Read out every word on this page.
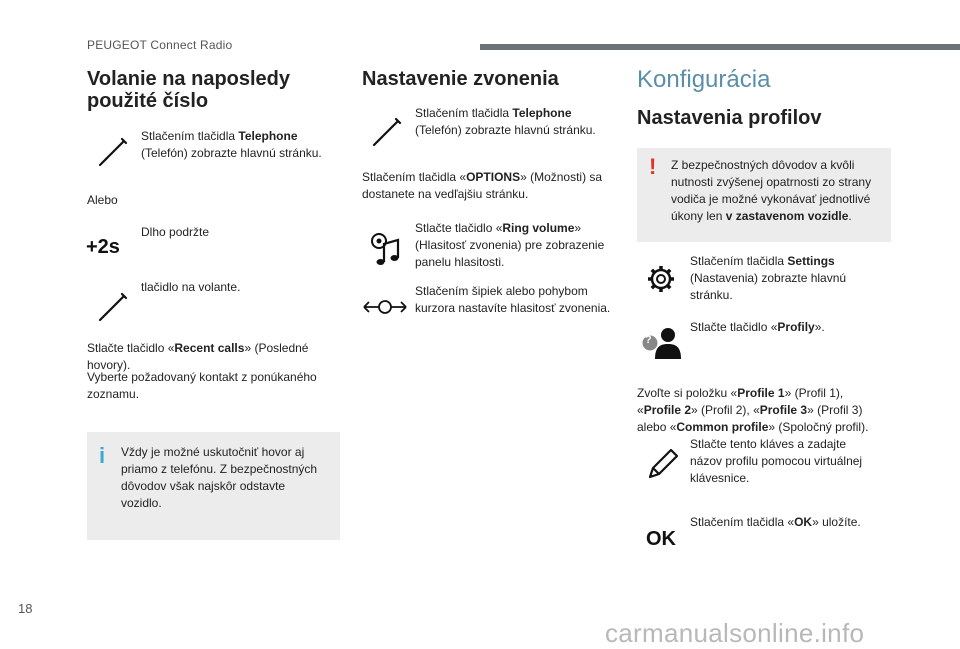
PEUGEOT Connect Radio
18
Volanie na naposledy
použité číslo

Stlačením tlačidla Telephone
(Telefón) zobrazte hlavnú stránku.

Alebo

+2s

Dlho podržte

tlačidlo na volante.

Stlačte tlačidlo «Recent calls» (Posledné hovory).

Vyberte požadovaný kontakt z ponúkaného zoznamu.

i Vždy je možné uskutočniť hovor aj priamo z telefónu. Z bezpečnostných dôvodov však najskôr odstavte vozidlo.
Nastavenie zvonenia

Stlačením tlačidla Telephone
(Telefón) zobrazte hlavnú stránku.

Stlačením tlačidla «OPTIONS» (Možnosti) sa dostanete na vedľajšiu stránku.

Stlačte tlačidlo «Ring volume» (Hlasitosť zvonenia) pre zobrazenie panelu hlasitosti.

Stlačením šipiek alebo pohybom kurzora nastavíte hlasitosť zvonenia.

Konfigurácia
Nastavenia profilov
! Z bezpečnostných dôvodov a kvôli nutnosti zvýšenej opatrnosti zo strany vodiča je možné vykonávať jednotlivé úkony len v zastavenom vozidle.

Stlačením tlačidla Settings
(Nastavenia) zobrazte hlavnú stránku.

?

Stlačte tlačidlo «Profily».

Zvoľte si položku «Profile 1» (Profil 1),
«Profile 2» (Profil 2), «Profile 3» (Profil 3)
alebo «Common profile» (Spoločný profil).

Stlačte tento kláves a zadajte názov profilu pomocou virtuálnej klávesnice.

OK

Stlačením tlačidla «OK» uložíte.

carmanualsonline.info
